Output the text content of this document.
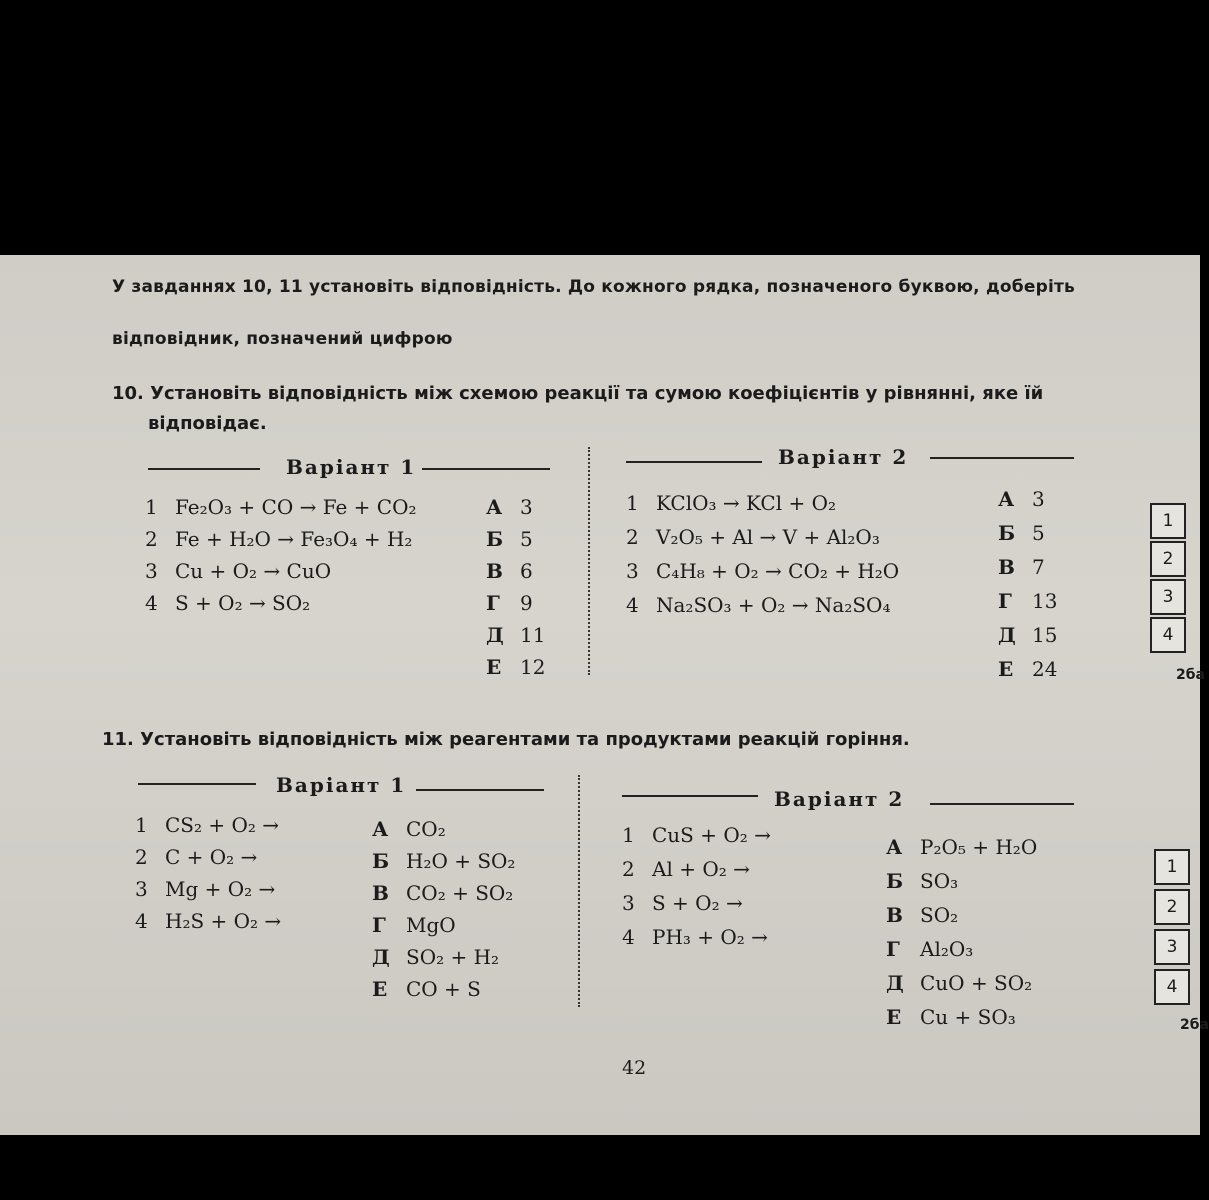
У завданнях 10, 11 установіть відповідність. До кожного рядка, позначеного буквою, доберіть
відповідник, позначений цифрою
10. Установіть відповідність між схемою реакції та сумою коефіцієнтів у рівнянні, яке їй
відповідає.
Варіант 1
1 Fe₂O₃ + CO → Fe + CO₂
2 Fe + H₂O → Fe₃O₄ + H₂
3 Cu + O₂ → CuO
4 S + O₂ → SO₂
А 3
Б 5
В 6
Г 9
Д 11
Е 12
Варіант 2
1 KClO₃ → KCl + O₂
2 V₂O₅ + Al → V + Al₂O₃
3 C₄H₈ + O₂ → CO₂ + H₂O
4 Na₂SO₃ + O₂ → Na₂SO₄
А 3
Б 5
В 7
Г 13
Д 15
Е 24
1
2
3
4
2ба
11. Установіть відповідність між реагентами та продуктами реакцій горіння.
Варіант 1
1 CS₂ + O₂ →
2 C + O₂ →
3 Mg + O₂ →
4 H₂S + O₂ →
А CO₂
Б H₂O + SO₂
В CO₂ + SO₂
Г MgO
Д SO₂ + H₂
Е CO + S
Варіант 2
1 CuS + O₂ →
2 Al + O₂ →
3 S + O₂ →
4 PH₃ + O₂ →
А P₂O₅ + H₂O
Б SO₃
В SO₂
Г Al₂O₃
Д CuO + SO₂
Е Cu + SO₃
1
2
3
4
2ба
42
